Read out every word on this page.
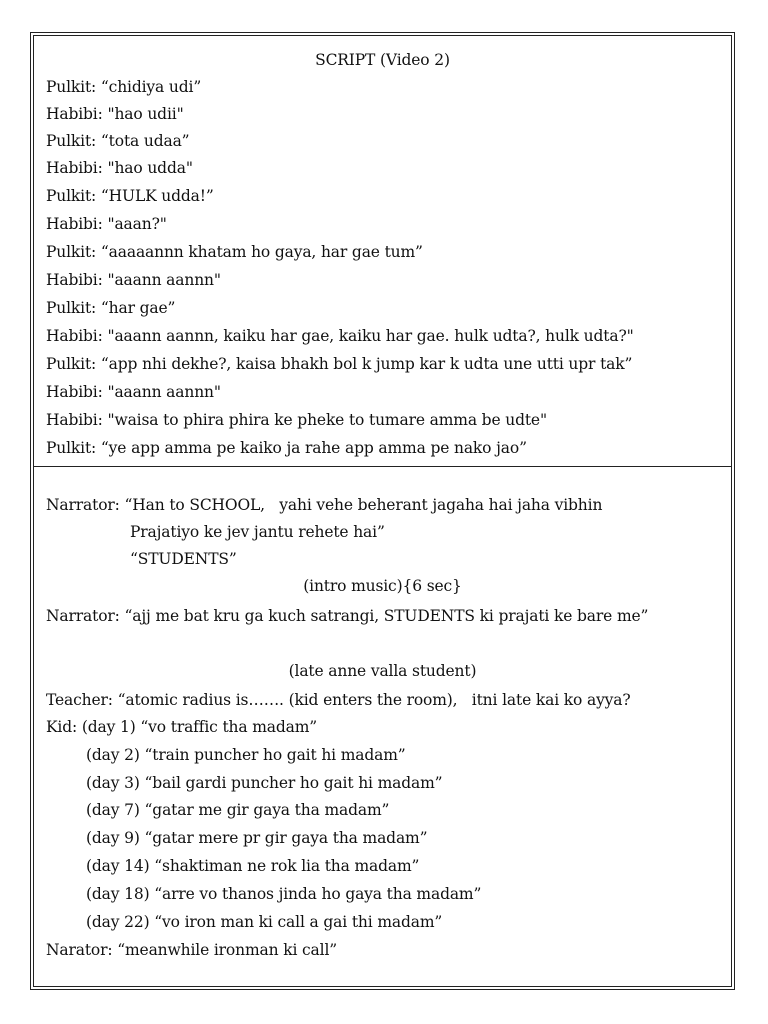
SCRIPT (Video 2)
Pulkit: “chidiya udi”
Habibi: "hao udii"
Pulkit: “tota udaa”
Habibi: "hao udda"
Pulkit: “HULK udda!”
Habibi: "aaan?"
Pulkit: “aaaaannn khatam ho gaya, har gae tum”
Habibi: "aaann aannn"
Pulkit: “har gae”
Habibi: "aaann aannn, kaiku har gae, kaiku har gae. hulk udta?, hulk udta?"
Pulkit: “app nhi dekhe?, kaisa bhakh bol k jump kar k udta une utti upr tak”
Habibi: "aaann aannn"
Habibi: "waisa to phira phira ke pheke to tumare amma be udte"
Pulkit: “ye app amma pe kaiko ja rahe app amma pe nako jao”
Narrator: “Han to SCHOOL,   yahi vehe beherant jagaha hai jaha vibhin
Prajatiyo ke jev jantu rehete hai”
“STUDENTS”
(intro music){6 sec}
Narrator: “ajj me bat kru ga kuch satrangi, STUDENTS ki prajati ke bare me”
(late anne valla student)
Teacher: “atomic radius is……. (kid enters the room),   itni late kai ko ayya?
Kid: (day 1) “vo traffic tha madam”
(day 2) “train puncher ho gait hi madam”
(day 3) “bail gardi puncher ho gait hi madam”
(day 7) “gatar me gir gaya tha madam”
(day 9) “gatar mere pr gir gaya tha madam”
(day 14) “shaktiman ne rok lia tha madam”
(day 18) “arre vo thanos jinda ho gaya tha madam”
(day 22) “vo iron man ki call a gai thi madam”
Narator: “meanwhile ironman ki call”
